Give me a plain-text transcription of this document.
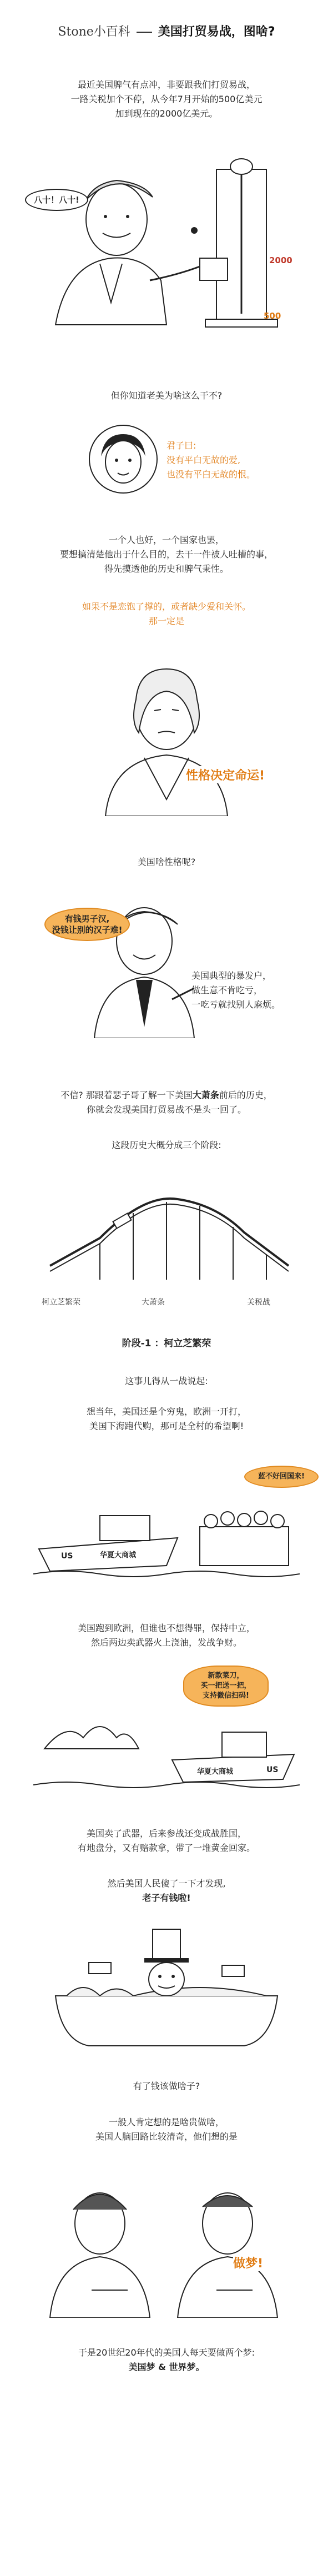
Stone小百科 美国打贸易战，图啥?
最近美国脾气有点冲，非要跟我们打贸易战，
一路关税加个不停，从今年7月开始的500亿美元
加到现在的2000亿美元。
八十！八十!
2000
500
但你知道老美为啥这么干不?
君子曰:
没有平白无故的爱,
也没有平白无故的恨。
一个人也好，一个国家也罢，
要想搞清楚他出于什么目的，去干一件被人吐槽的事，
得先摸透他的历史和脾气秉性。
如果不是恋饱了撑的，或者缺少爱和关怀。
那一定是
性格决定命运!
美国啥性格呢?
有钱男子汉,
没钱让别的汉子难!
美国典型的暴发户，
做生意不肯吃亏，
一吃亏就找别人麻烦。
不信? 那跟着瑟子哥了解一下美国大萧条前后的历史，
你就会发现美国打贸易战不是头一回了。
这段历史大概分成三个阶段:
柯立芝繁荣	大萧条	关税战
阶段-1 ：柯立芝繁荣
这事儿得从一战说起:
想当年，美国还是个穷鬼，欧洲一开打，
美国下海跑代购，那可是全村的希望啊!
蓝不好回国来!
US	华夏大商城
美国跑到欧洲，但谁也不想得罪，保持中立，
然后两边卖武器火上浇油，发战争财。
新款菜刀，
买一把送一把，
支持微信扫码!
华夏大商城	US
美国卖了武器，后来参战还变成战胜国，
有地盘分，又有赔款拿，带了一堆黄金回家。
然后美国人民傻了一下才发现,
老子有钱啦!
有了钱该做啥子?
一般人肯定想的是啥贵做啥，
美国人脑回路比较清奇，他们想的是
做梦!
于是20世纪20年代的美国人每天要做两个梦:
美国梦 & 世界梦。
